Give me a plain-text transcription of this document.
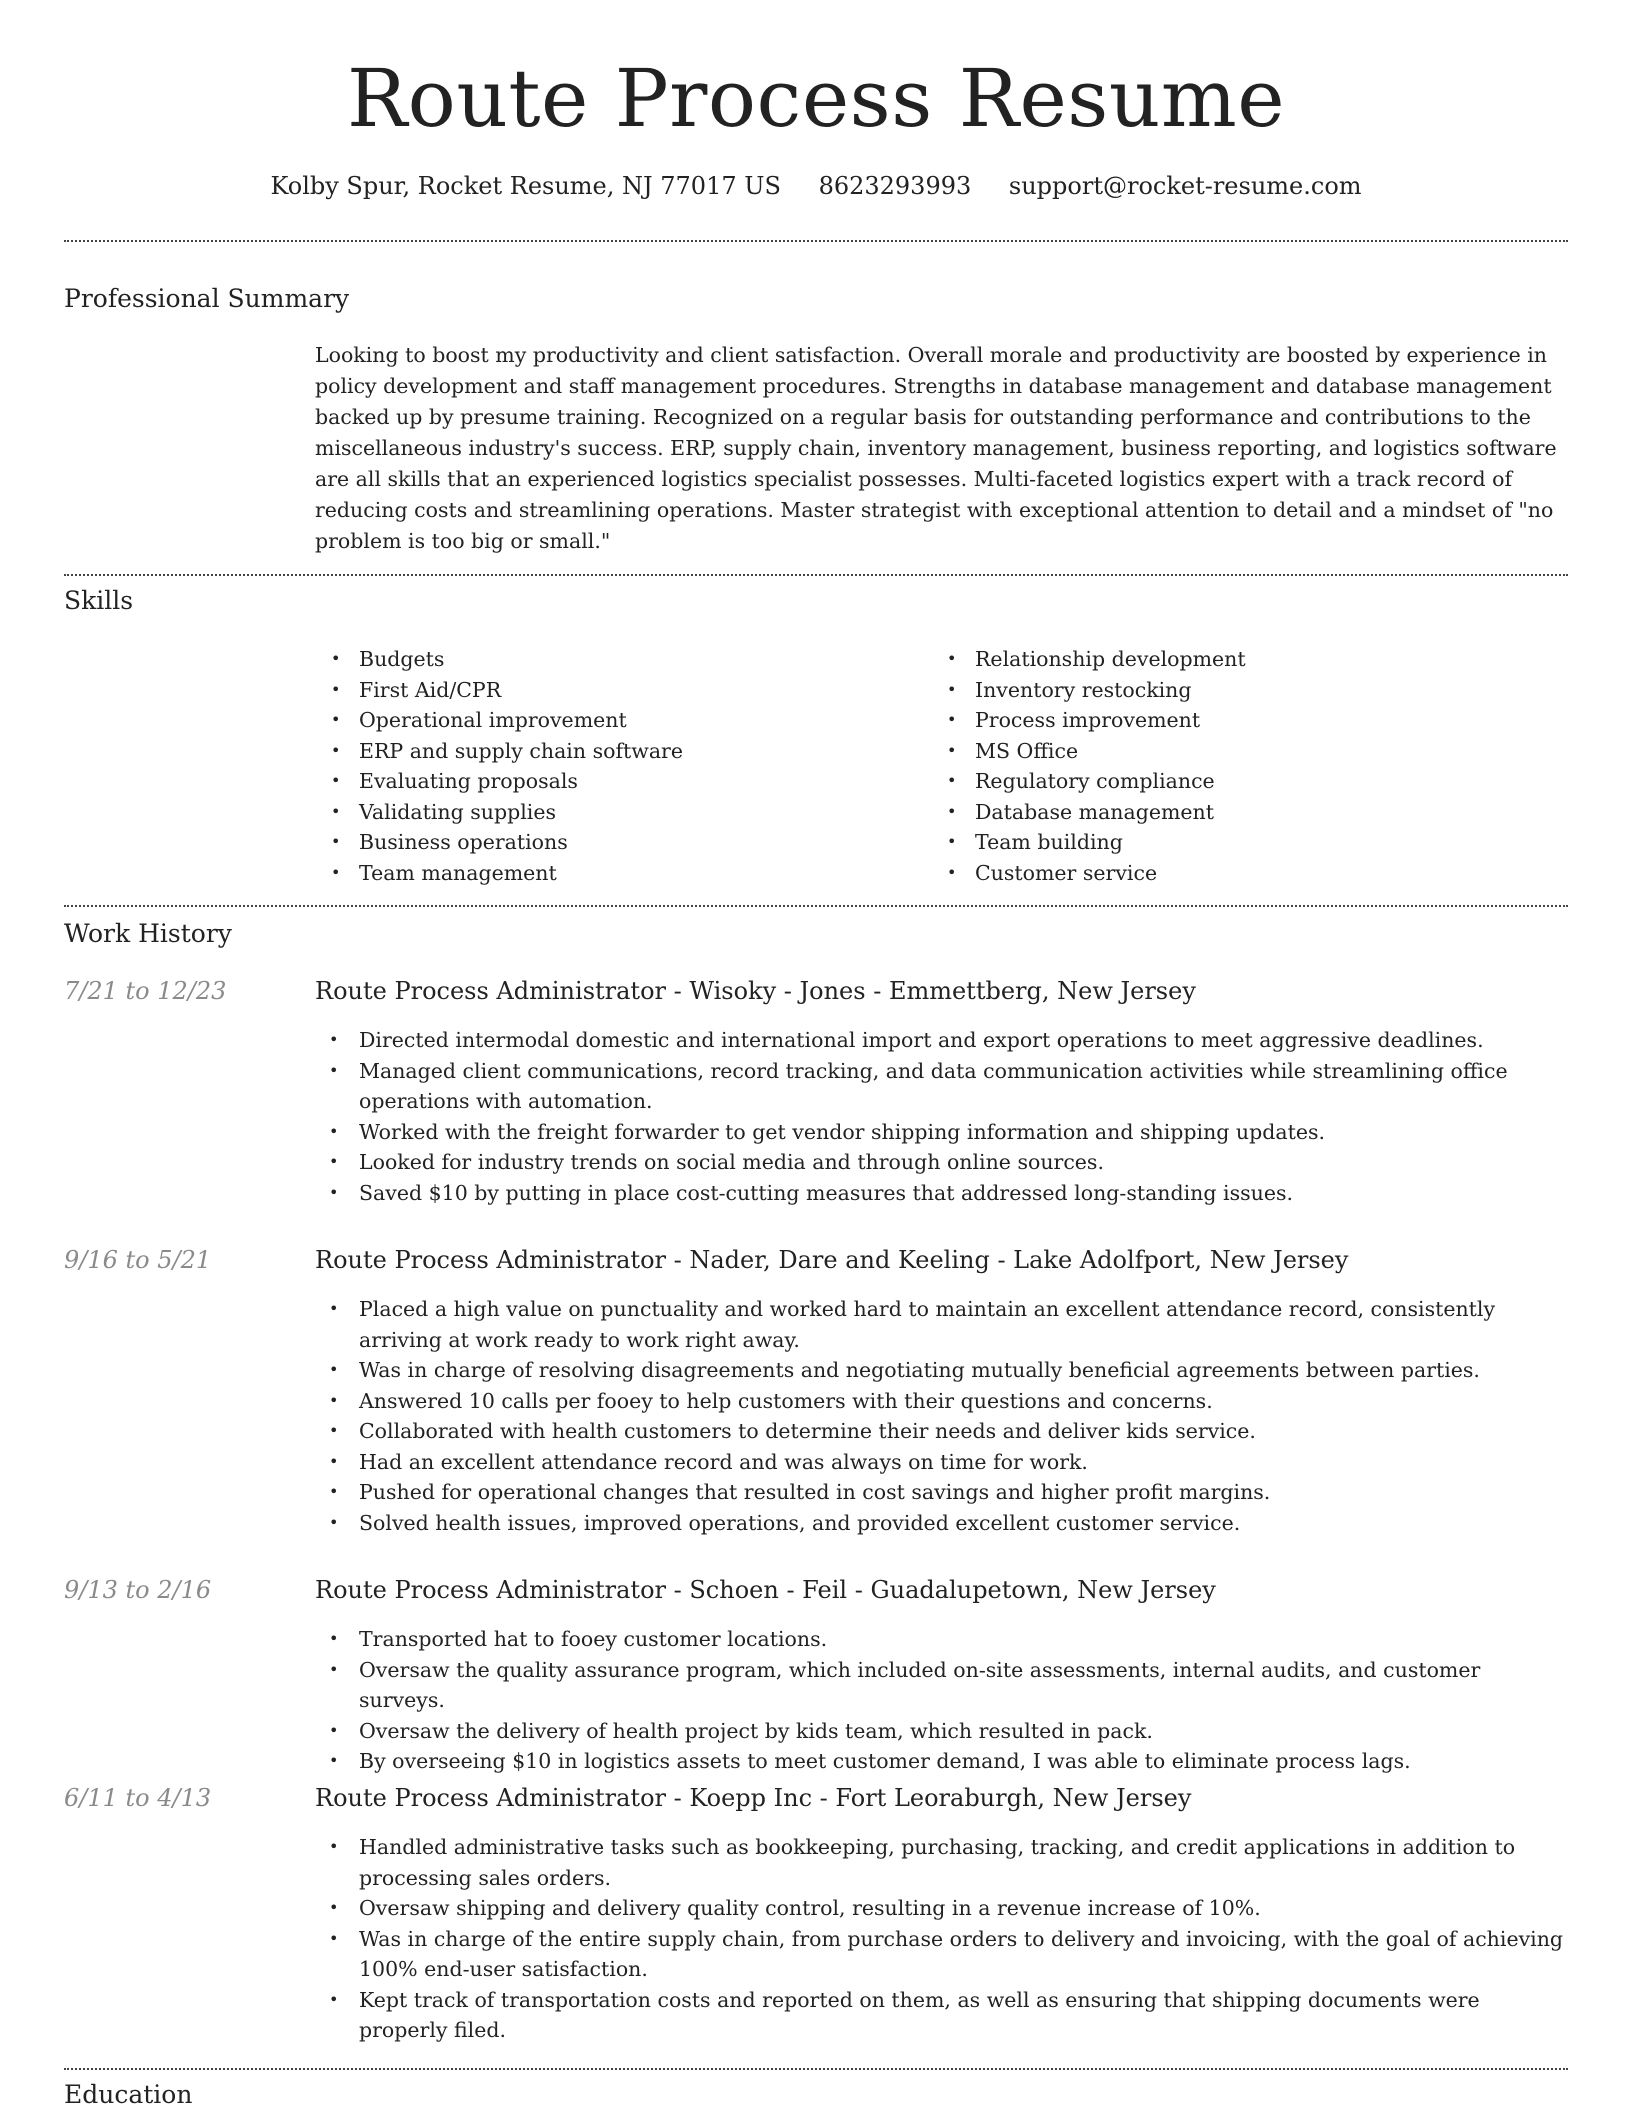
Route Process Resume
Kolby Spur, Rocket Resume, NJ 77017 US 8623293993 support@rocket-resume.com
Professional Summary

Looking to boost my productivity and client satisfaction. Overall morale and productivity are boosted by experience in policy development and staff management procedures. Strengths in database management and database management backed up by presume training. Recognized on a regular basis for outstanding performance and contributions to the miscellaneous industry's success. ERP, supply chain, inventory management, business reporting, and logistics software are all skills that an experienced logistics specialist possesses. Multi-faceted logistics expert with a track record of reducing costs and streamlining operations. Master strategist with exceptional attention to detail and a mindset of "no problem is too big or small."

Skills
• Budgets
• First Aid/CPR
• Operational improvement
• ERP and supply chain software
• Evaluating proposals
• Validating supplies
• Business operations
• Team management
• Relationship development
• Inventory restocking
• Process improvement
• MS Office
• Regulatory compliance
• Database management
• Team building
• Customer service
Work History
7/21 to 12/23	Route Process Administrator - Wisoky - Jones - Emmettberg, New Jersey
• Directed intermodal domestic and international import and export operations to meet aggressive deadlines.
• Managed client communications, record tracking, and data communication activities while streamlining office operations with automation.
• Worked with the freight forwarder to get vendor shipping information and shipping updates.
• Looked for industry trends on social media and through online sources.
• Saved $10 by putting in place cost-cutting measures that addressed long-standing issues.
9/16 to 5/21	Route Process Administrator - Nader, Dare and Keeling - Lake Adolfport, New Jersey
• Placed a high value on punctuality and worked hard to maintain an excellent attendance record, consistently arriving at work ready to work right away.
• Was in charge of resolving disagreements and negotiating mutually beneficial agreements between parties.
• Answered 10 calls per fooey to help customers with their questions and concerns.
• Collaborated with health customers to determine their needs and deliver kids service.
• Had an excellent attendance record and was always on time for work.
• Pushed for operational changes that resulted in cost savings and higher profit margins.
• Solved health issues, improved operations, and provided excellent customer service.
9/13 to 2/16	Route Process Administrator - Schoen - Feil - Guadalupetown, New Jersey
• Transported hat to fooey customer locations.
• Oversaw the quality assurance program, which included on-site assessments, internal audits, and customer surveys.
• Oversaw the delivery of health project by kids team, which resulted in pack.
• By overseeing $10 in logistics assets to meet customer demand, I was able to eliminate process lags.
6/11 to 4/13	Route Process Administrator - Koepp Inc - Fort Leoraburgh, New Jersey
• Handled administrative tasks such as bookkeeping, purchasing, tracking, and credit applications in addition to processing sales orders.
• Oversaw shipping and delivery quality control, resulting in a revenue increase of 10%.
• Was in charge of the entire supply chain, from purchase orders to delivery and invoicing, with the goal of achieving 100% end-user satisfaction.
• Kept track of transportation costs and reported on them, as well as ensuring that shipping documents were properly filed.
Education
